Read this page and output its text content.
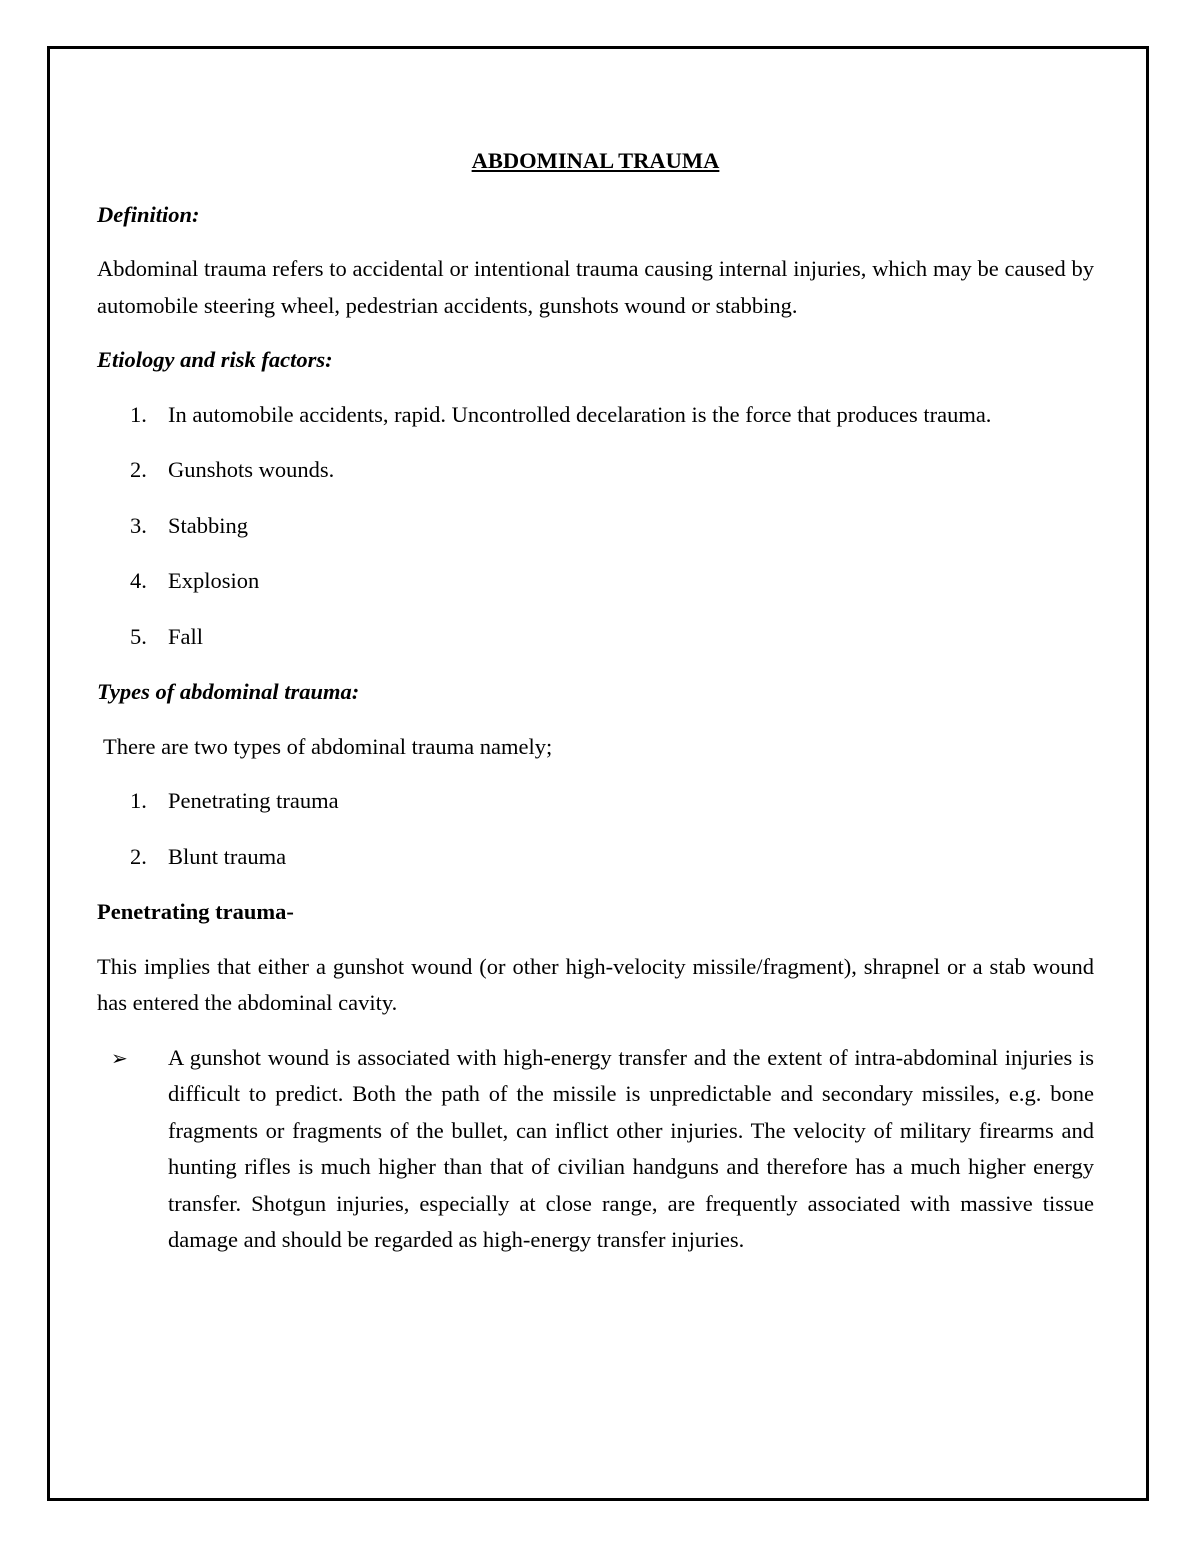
ABDOMINAL TRAUMA
Definition:
Abdominal trauma refers to accidental or intentional trauma causing internal injuries, which may be caused by automobile steering wheel, pedestrian accidents, gunshots wound or stabbing.
Etiology and risk factors:
1. In automobile accidents, rapid. Uncontrolled decelaration is the force that produces trauma.
2. Gunshots wounds.
3. Stabbing
4. Explosion
5. Fall
Types of abdominal trauma:
There are two types of abdominal trauma namely;
1. Penetrating trauma
2. Blunt trauma
Penetrating trauma-
This implies that either a gunshot wound (or other high-velocity missile/fragment), shrapnel or a stab wound has entered the abdominal cavity.
➢ A gunshot wound is associated with high-energy transfer and the extent of intra-abdominal injuries is difficult to predict. Both the path of the missile is unpredictable and secondary missiles, e.g. bone fragments or fragments of the bullet, can inflict other injuries. The velocity of military firearms and hunting rifles is much higher than that of civilian handguns and therefore has a much higher energy transfer. Shotgun injuries, especially at close range, are frequently associated with massive tissue damage and should be regarded as high-energy transfer injuries.
